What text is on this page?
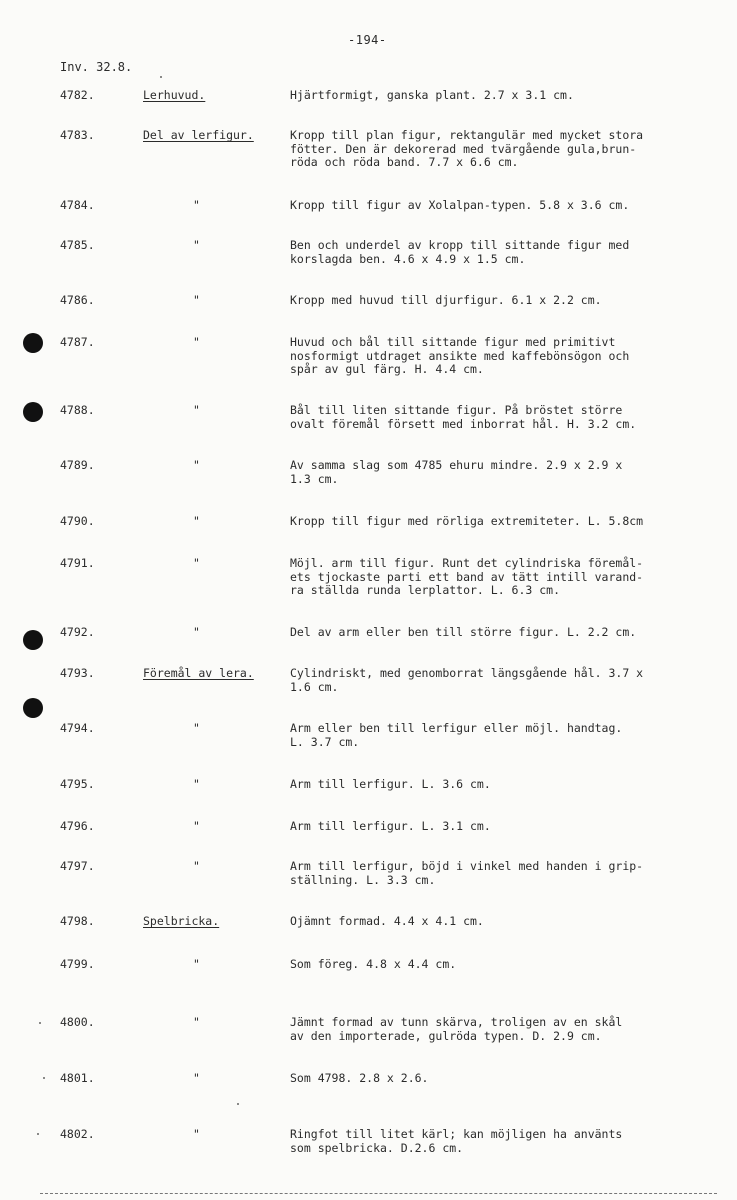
-194-
Inv. 32.8.
4782.	Lerhuvud.	Hjärtformigt, ganska plant. 2.7 x 3.1 cm.
4783.	Del av lerfigur.	Kropp till plan figur, rektangulär med mycket stora
fötter. Den är dekorerad med tvärgående gula,brun-
röda och röda band. 7.7 x 6.6 cm.
4784.	"	Kropp till figur av Xolalpan-typen. 5.8 x 3.6 cm.
4785.	"	Ben och underdel av kropp till sittande figur med
korslagda ben. 4.6 x 4.9 x 1.5 cm.
4786.	"	Kropp med huvud till djurfigur. 6.1 x 2.2 cm.
4787.	"	Huvud och bål till sittande figur med primitivt
nosformigt utdraget ansikte med kaffebönsögon och
spår av gul färg. H. 4.4 cm.
4788.	"	Bål till liten sittande figur. På bröstet större
ovalt föremål försett med inborrat hål. H. 3.2 cm.
4789.	"	Av samma slag som 4785 ehuru mindre. 2.9 x 2.9 x
1.3 cm.
4790.	"	Kropp till figur med rörliga extremiteter. L. 5.8cm
4791.	"	Möjl. arm till figur. Runt det cylindriska föremål-
ets tjockaste parti ett band av tätt intill varand-
ra ställda runda lerplattor. L. 6.3 cm.
4792.	"	Del av arm eller ben till större figur. L. 2.2 cm.
4793.	Föremål av lera.	Cylindriskt, med genomborrat längsgående hål. 3.7 x
1.6 cm.
4794.	"	Arm eller ben till lerfigur eller möjl. handtag.
L. 3.7 cm.
4795.	"	Arm till lerfigur. L. 3.6 cm.
4796.	"	Arm till lerfigur. L. 3.1 cm.
4797.	"	Arm till lerfigur, böjd i vinkel med handen i grip-
ställning. L. 3.3 cm.
4798.	Spelbricka.	Ojämnt formad. 4.4 x 4.1 cm.
4799.	"	Som föreg. 4.8 x 4.4 cm.
4800.	"	Jämnt formad av tunn skärva, troligen av en skål
av den importerade, gulröda typen. D. 2.9 cm.
4801.	"	Som 4798. 2.8 x 2.6.
4802.	"	Ringfot till litet kärl; kan möjligen ha använts
som spelbricka. D.2.6 cm.
